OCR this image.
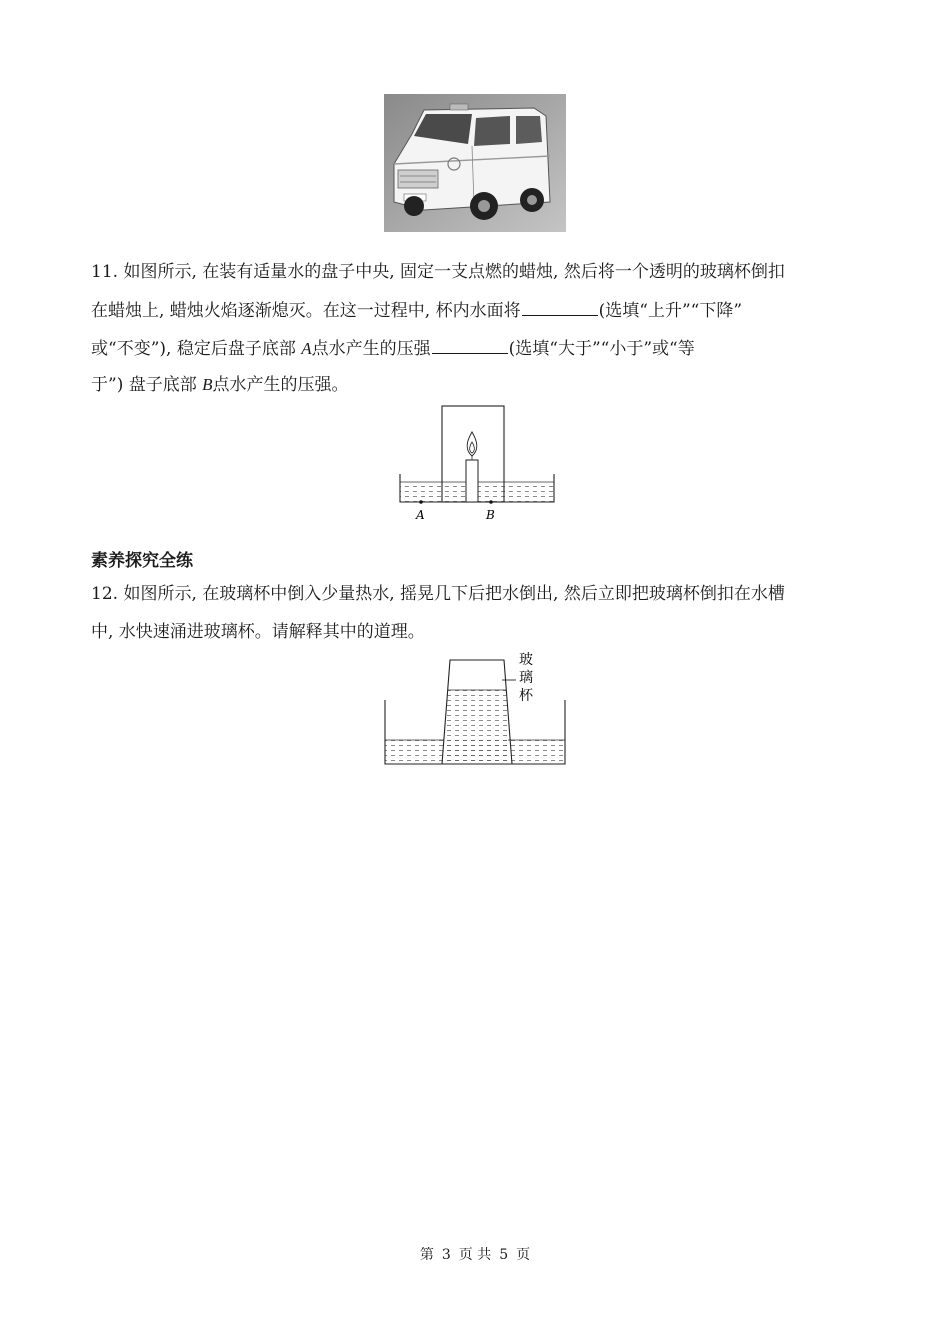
11. 如图所示, 在装有适量水的盘子中央, 固定一支点燃的蜡烛, 然后将一个透明的玻璃杯倒扣
在蜡烛上, 蜡烛火焰逐渐熄灭。在这一过程中, 杯内水面将	(选填“上升”“下降”
或“不变”), 稳定后盘子底部 A点水产生的压强	(选填“大于”“小于”或“等
于”) 盘子底部 B点水产生的压强。
A	B
素养探究全练
12. 如图所示, 在玻璃杯中倒入少量热水, 摇晃几下后把水倒出, 然后立即把玻璃杯倒扣在水槽
中, 水快速涌进玻璃杯。请解释其中的道理。
玻
璃
杯
第 3 页 共 5 页
